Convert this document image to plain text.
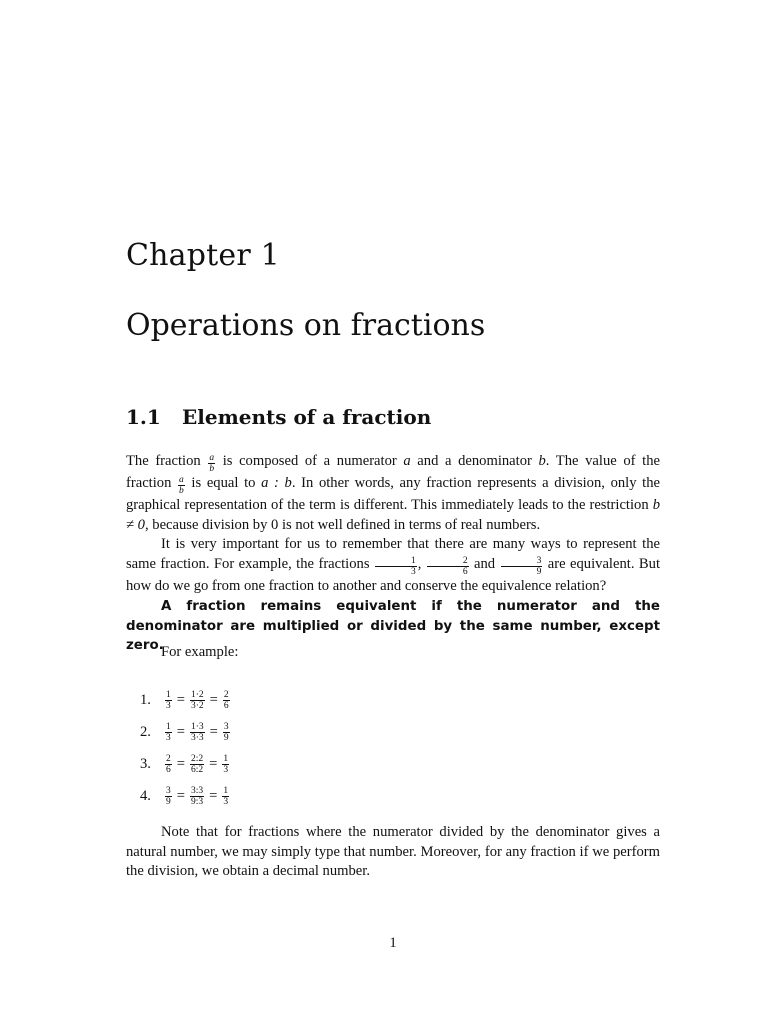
Chapter 1
Operations on fractions
1.1 Elements of a fraction

The fraction $\frac{a}{b}$ is composed of a numerator a and a denominator b. The value of the fraction $\frac{a}{b}$ is equal to a : b. In other words, any fraction represents a division, only the graphical representation of the term is different. This immediately leads to the restriction b ≠ 0, because division by 0 is not well defined in terms of real numbers.

It is very important for us to remember that there are many ways to represent the same fraction. For example, the fractions $\frac{1}{3}$ , $\frac{2}{6}$ and $\frac{3}{9}$ are equivalent. But how do we go from one fraction to another and conserve the equivalence relation?

A fraction remains equivalent if the numerator and the denominator are multiplied or divided by the same number, except zero.

For example:

1.	$\frac{1}{3} = \frac{1\cdot 2}{3\cdot 2} = \frac{2}{6}$
2.	$\frac{1}{3} = \frac{1\cdot 3}{3\cdot 3} = \frac{3}{9}$
3.	$\frac{2}{6} = \frac{2:2}{6:2} = \frac{1}{3}$
4.	$\frac{3}{9} = \frac{3:3}{9:3} = \frac{1}{3}$

Note that for fractions where the numerator divided by the denominator gives a natural number, we may simply type that number. Moreover, for any fraction if we perform the division, we obtain a decimal number.

1
